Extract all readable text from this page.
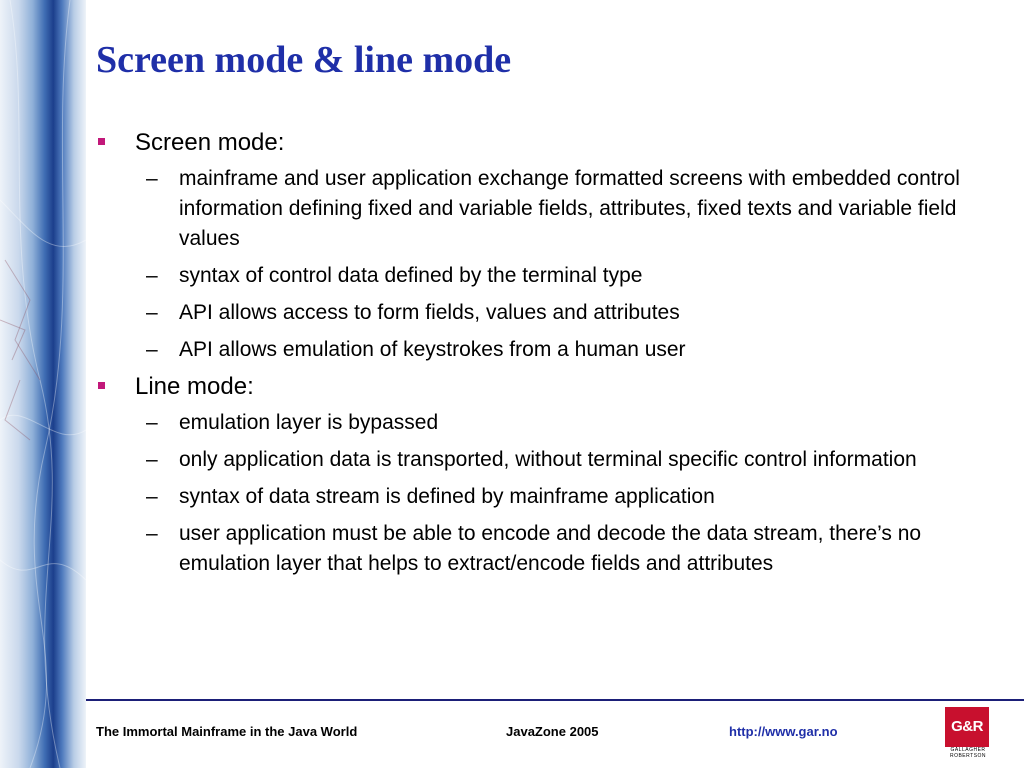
Screen mode & line mode
Screen mode:
– mainframe and user application exchange formatted screens with embedded control information defining fixed and variable fields, attributes, fixed texts and variable field values
– syntax of control data defined by the terminal type
– API allows access to form fields, values and attributes
– API allows emulation of keystrokes from a human user
Line mode:
– emulation layer is bypassed
– only application data is transported, without terminal specific control information
– syntax of data stream is defined by mainframe application
– user application must be able to encode and decode the data stream, there’s no emulation layer that helps to extract/encode fields and attributes
The Immortal Mainframe in the Java World	JavaZone 2005	http://www.gar.no	G&R
GALLAGHER
ROBERTSON
